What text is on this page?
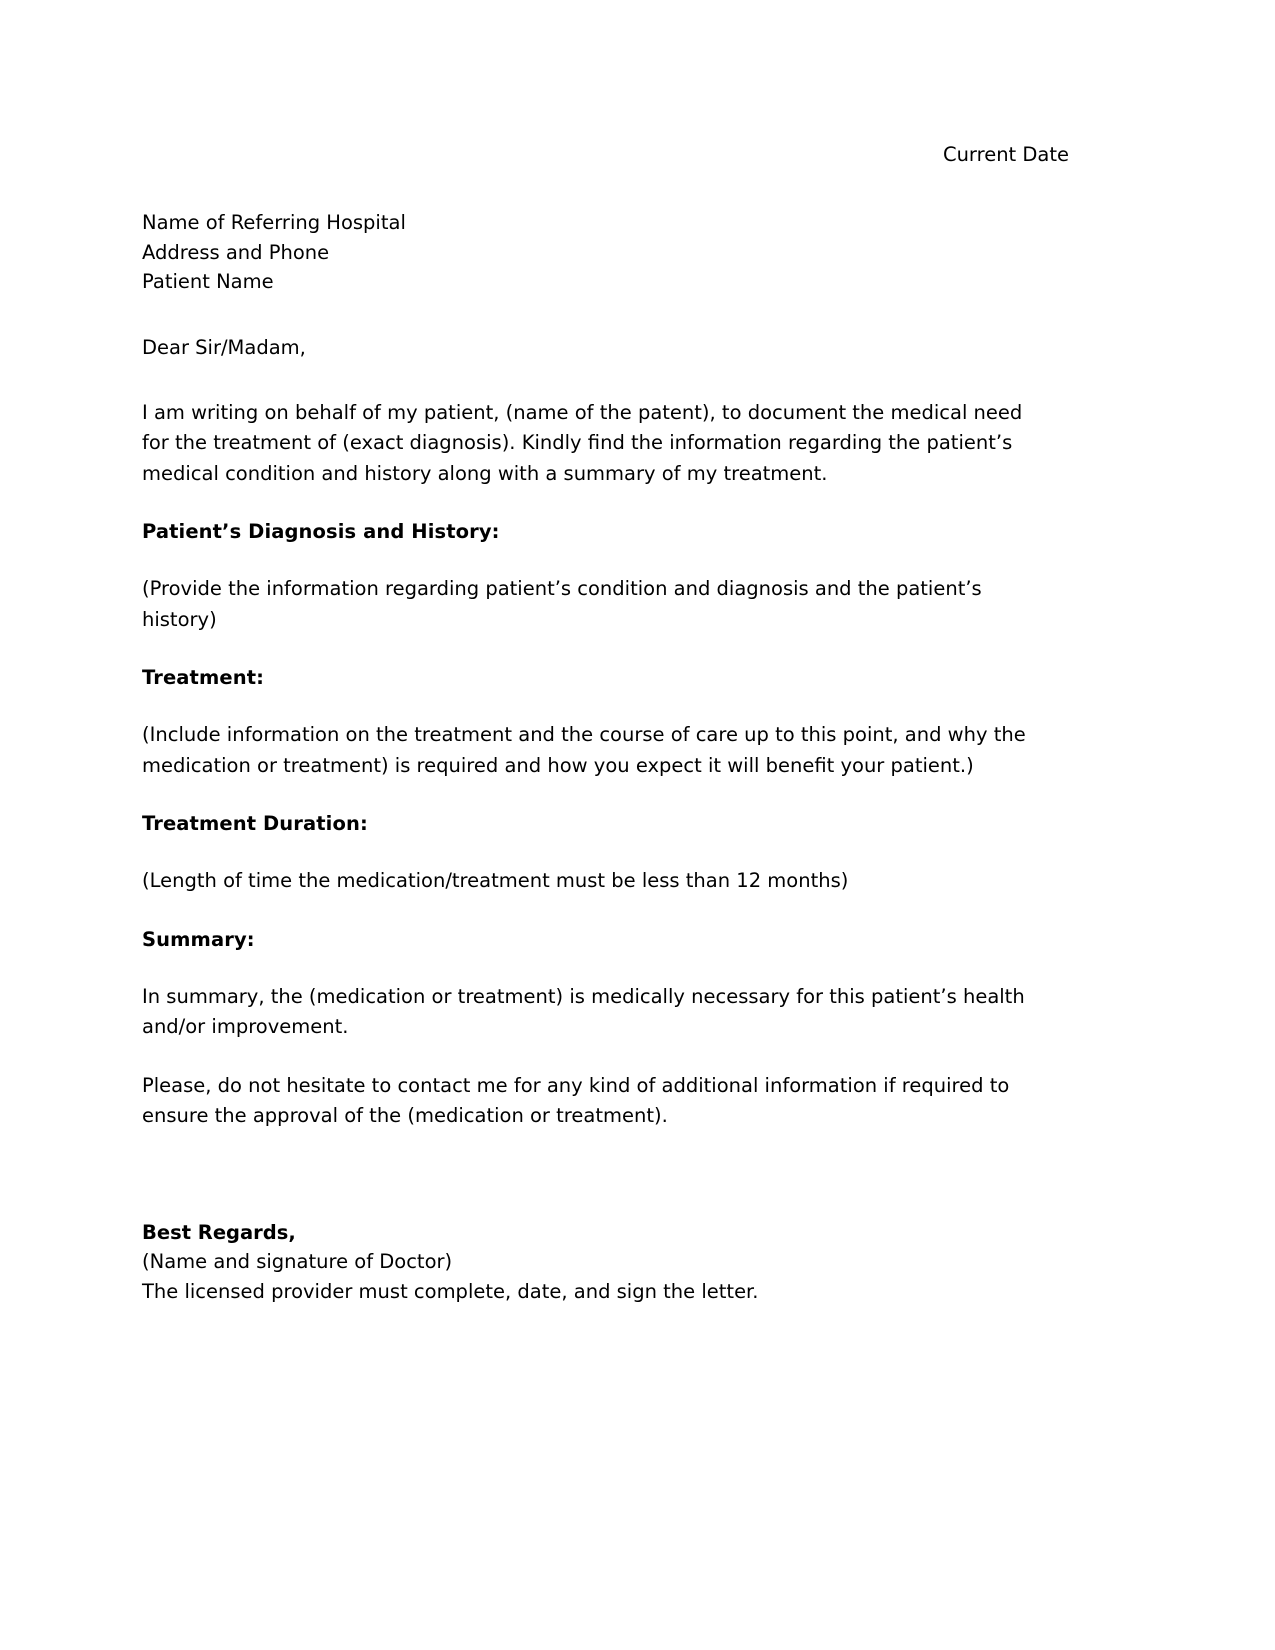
Current Date
Name of Referring Hospital
Address and Phone
Patient Name
Dear Sir/Madam,
I am writing on behalf of my patient, (name of the patent), to document the medical need for the treatment of (exact diagnosis). Kindly find the information regarding the patient’s medical condition and history along with a summary of my treatment.
Patient’s Diagnosis and History:
(Provide the information regarding patient’s condition and diagnosis and the patient’s history)
Treatment:
(Include information on the treatment and the course of care up to this point, and why the medication or treatment) is required and how you expect it will benefit your patient.)
Treatment Duration:
(Length of time the medication/treatment must be less than 12 months)
Summary:
In summary, the (medication or treatment) is medically necessary for this patient’s health and/or improvement.
Please, do not hesitate to contact me for any kind of additional information if required to ensure the approval of the (medication or treatment).
Best Regards,
(Name and signature of Doctor)
The licensed provider must complete, date, and sign the letter.
